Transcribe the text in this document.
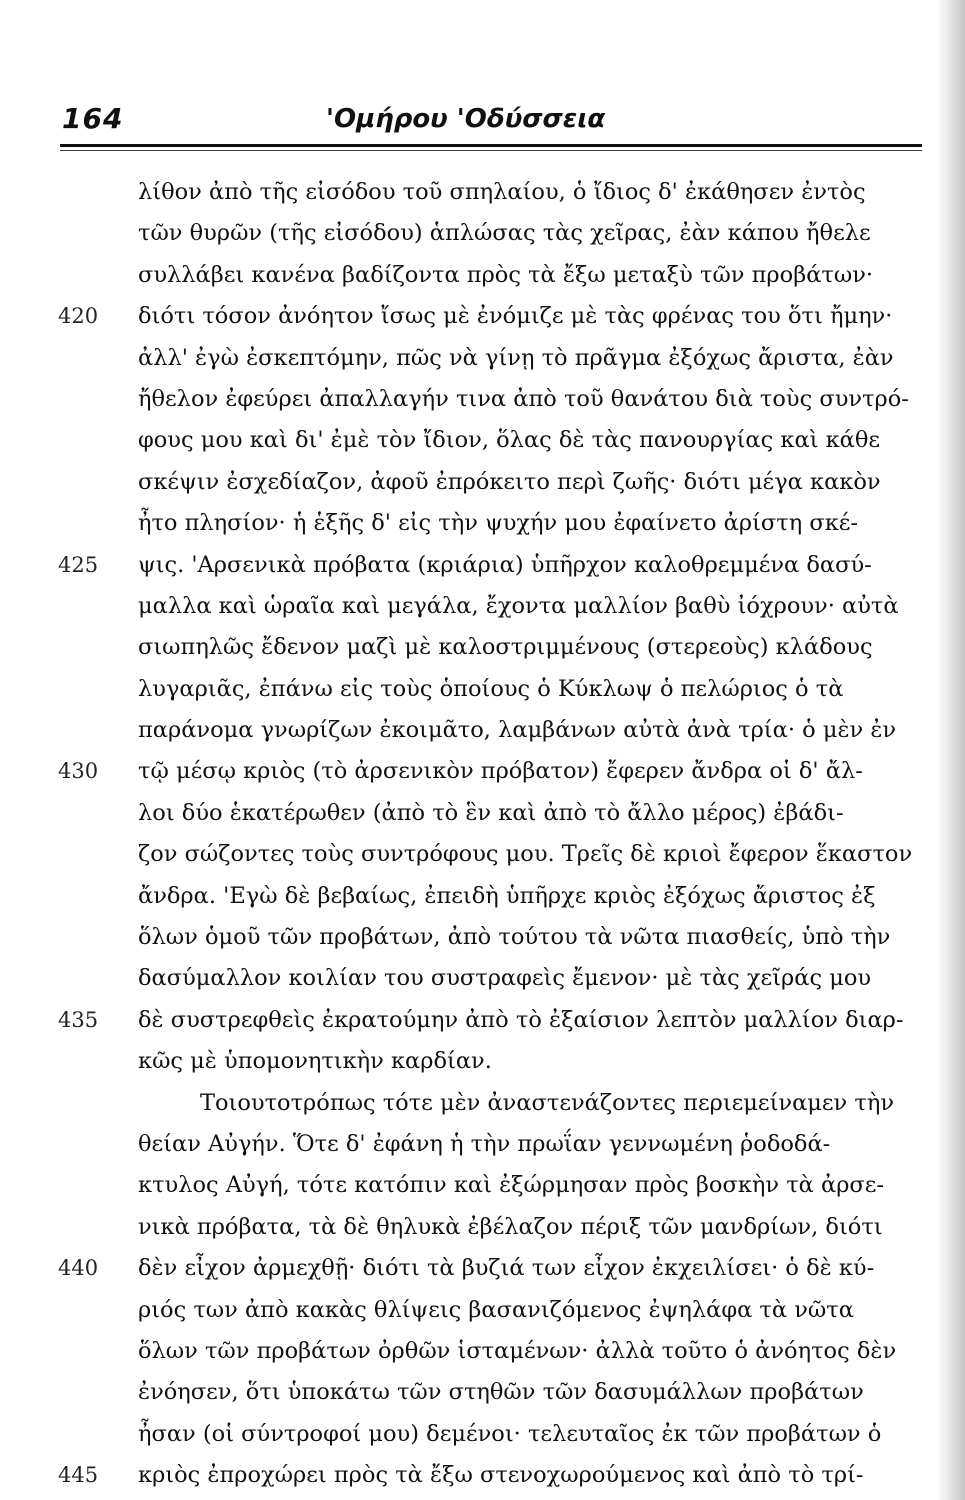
164	'Ομήρου 'Οδύσσεια
λίθον ἀπὸ τῆς εἰσόδου τοῦ σπηλαίου, ὁ ἴδιος δ' ἐκάθησεν ἐντὸς
τῶν θυρῶν (τῆς εἰσόδου) ἁπλώσας τὰς χεῖρας, ἐὰν κάπου ἤθελε
συλλάβει κανένα βαδίζοντα πρὸς τὰ ἔξω μεταξὺ τῶν προβάτων·
420 διότι τόσον ἀνόητον ἴσως μὲ ἐνόμιζε μὲ τὰς φρένας του ὅτι ἤμην·
ἀλλ' ἐγὼ ἐσκεπτόμην, πῶς νὰ γίνῃ τὸ πρᾶγμα ἐξόχως ἄριστα, ἐὰν
ἤθελον ἐφεύρει ἀπαλλαγήν τινα ἀπὸ τοῦ θανάτου διὰ τοὺς συντρό-
φους μου καὶ δι' ἐμὲ τὸν ἴδιον, ὅλας δὲ τὰς πανουργίας καὶ κάθε
σκέψιν ἐσχεδίαζον, ἀφοῦ ἐπρόκειτο περὶ ζωῆς· διότι μέγα κακὸν
ἦτο πλησίον· ἡ ἑξῆς δ' εἰς τὴν ψυχήν μου ἐφαίνετο ἀρίστη σκέ-
425 ψις. 'Αρσενικὰ πρόβατα (κριάρια) ὑπῆρχον καλοθρεμμένα δασύ-
μαλλα καὶ ὡραῖα καὶ μεγάλα, ἔχοντα μαλλίον βαθὺ ἰόχρουν· αὐτὰ
σιωπηλῶς ἔδενον μαζὶ μὲ καλοστριμμένους (στερεοὺς) κλάδους
λυγαριᾶς, ἐπάνω εἰς τοὺς ὁποίους ὁ Κύκλωψ ὁ πελώριος ὁ τὰ
παράνομα γνωρίζων ἐκοιμᾶτο, λαμβάνων αὐτὰ ἀνὰ τρία· ὁ μὲν ἐν
430 τῷ μέσῳ κριὸς (τὸ ἀρσενικὸν πρόβατον) ἔφερεν ἄνδρα οἱ δ' ἄλ-
λοι δύο ἑκατέρωθεν (ἀπὸ τὸ ἓν καὶ ἀπὸ τὸ ἄλλο μέρος) ἐβάδι-
ζον σώζοντες τοὺς συντρόφους μου. Τρεῖς δὲ κριοὶ ἔφερον ἕκαστον
ἄνδρα. 'Εγὼ δὲ βεβαίως, ἐπειδὴ ὑπῆρχε κριὸς ἐξόχως ἄριστος ἐξ
ὅλων ὁμοῦ τῶν προβάτων, ἀπὸ τούτου τὰ νῶτα πιασθείς, ὑπὸ τὴν
δασύμαλλον κοιλίαν του συστραφεὶς ἔμενον· μὲ τὰς χεῖράς μου
435 δὲ συστρεφθεὶς ἐκρατούμην ἀπὸ τὸ ἐξαίσιον λεπτὸν μαλλίον διαρ-
κῶς μὲ ὑπομονητικὴν καρδίαν.
Τοιουτοτρόπως τότε μὲν ἀναστενάζοντες περιεμείναμεν τὴν
θείαν Αὐγήν. Ὅτε δ' ἐφάνη ἡ τὴν πρωΐαν γεννωμένη ῥοδοδά-
κτυλος Αὐγή, τότε κατόπιν καὶ ἐξώρμησαν πρὸς βοσκὴν τὰ ἀρσε-
νικὰ πρόβατα, τὰ δὲ θηλυκὰ ἐβέλαζον πέριξ τῶν μανδρίων, διότι
440 δὲν εἶχον ἀρμεχθῇ· διότι τὰ βυζιά των εἶχον ἐκχειλίσει· ὁ δὲ κύ-
ριός των ἀπὸ κακὰς θλίψεις βασανιζόμενος ἐψηλάφα τὰ νῶτα
ὅλων τῶν προβάτων ὀρθῶν ἱσταμένων· ἀλλὰ τοῦτο ὁ ἀνόητος δὲν
ἐνόησεν, ὅτι ὑποκάτω τῶν στηθῶν τῶν δασυμάλλων προβάτων
ἦσαν (οἱ σύντροφοί μου) δεμένοι· τελευταῖος ἐκ τῶν προβάτων ὁ
445 κριὸς ἐπροχώρει πρὸς τὰ ἔξω στενοχωρούμενος καὶ ἀπὸ τὸ τρί-
